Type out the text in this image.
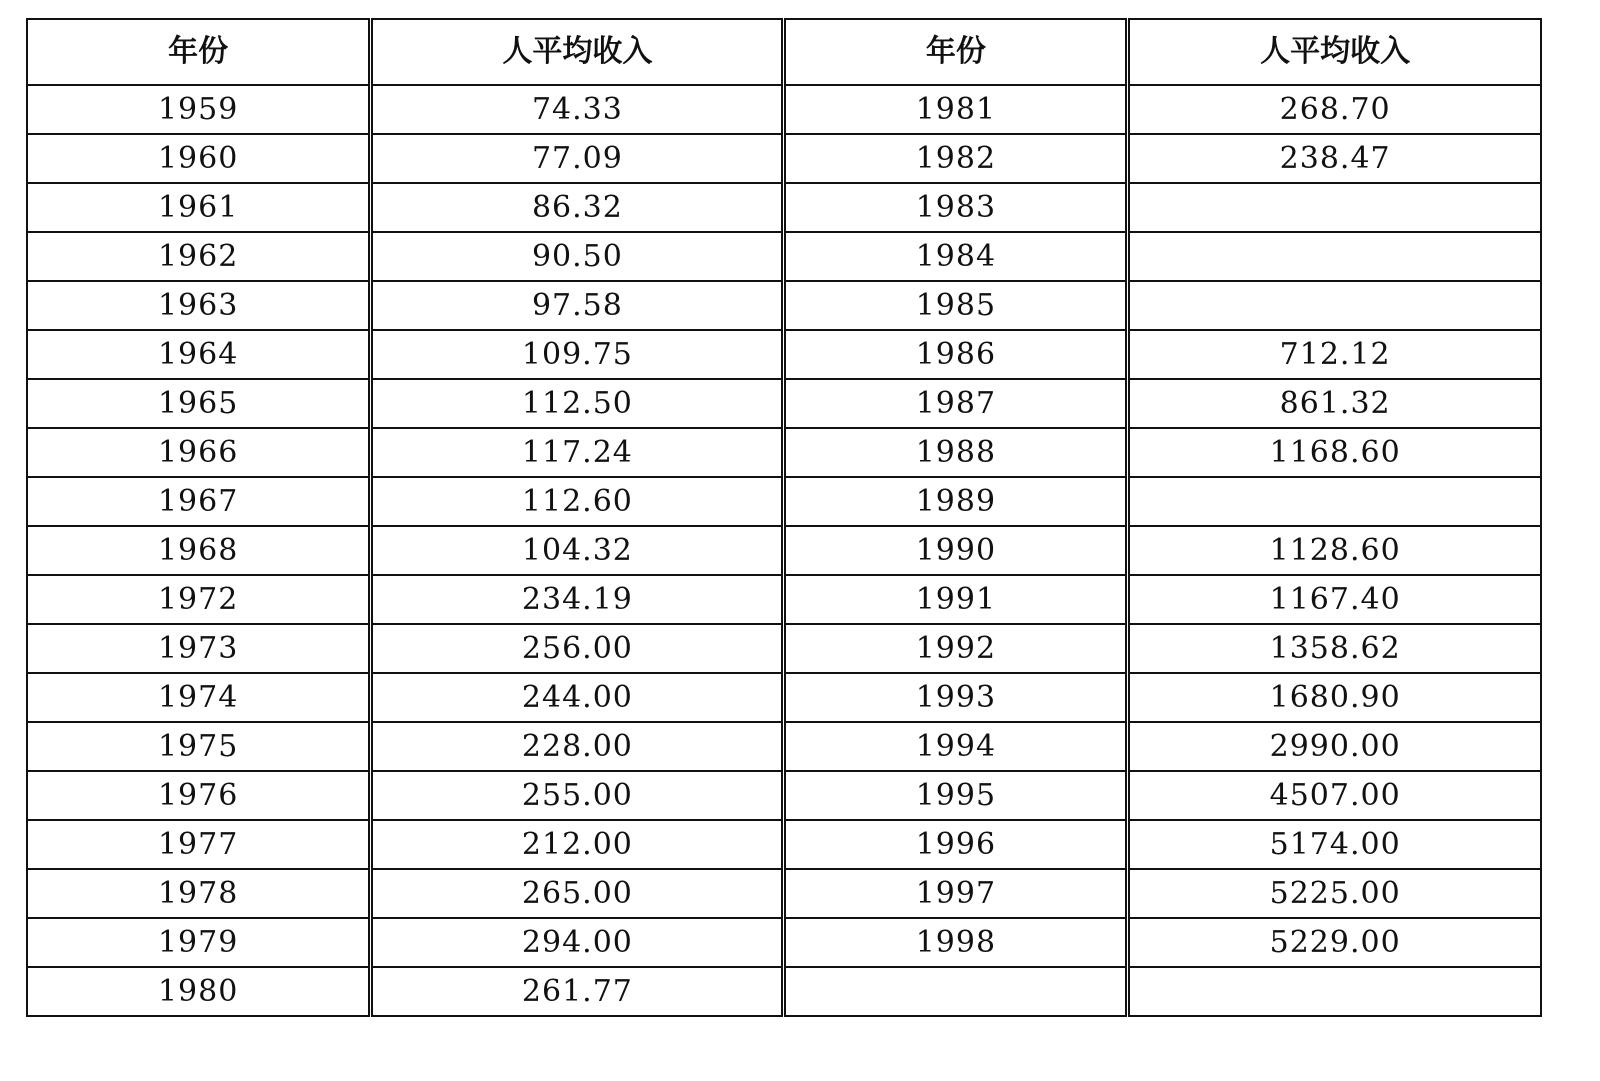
年份	人平均收入	年份	人平均收入
1959	74.33	1981	268.70
1960	77.09	1982	238.47
1961	86.32	1983	
1962	90.50	1984	
1963	97.58	1985	
1964	109.75	1986	712.12
1965	112.50	1987	861.32
1966	117.24	1988	1168.60
1967	112.60	1989	
1968	104.32	1990	1128.60
1972	234.19	1991	1167.40
1973	256.00	1992	1358.62
1974	244.00	1993	1680.90
1975	228.00	1994	2990.00
1976	255.00	1995	4507.00
1977	212.00	1996	5174.00
1978	265.00	1997	5225.00
1979	294.00	1998	5229.00
1980	261.77		
